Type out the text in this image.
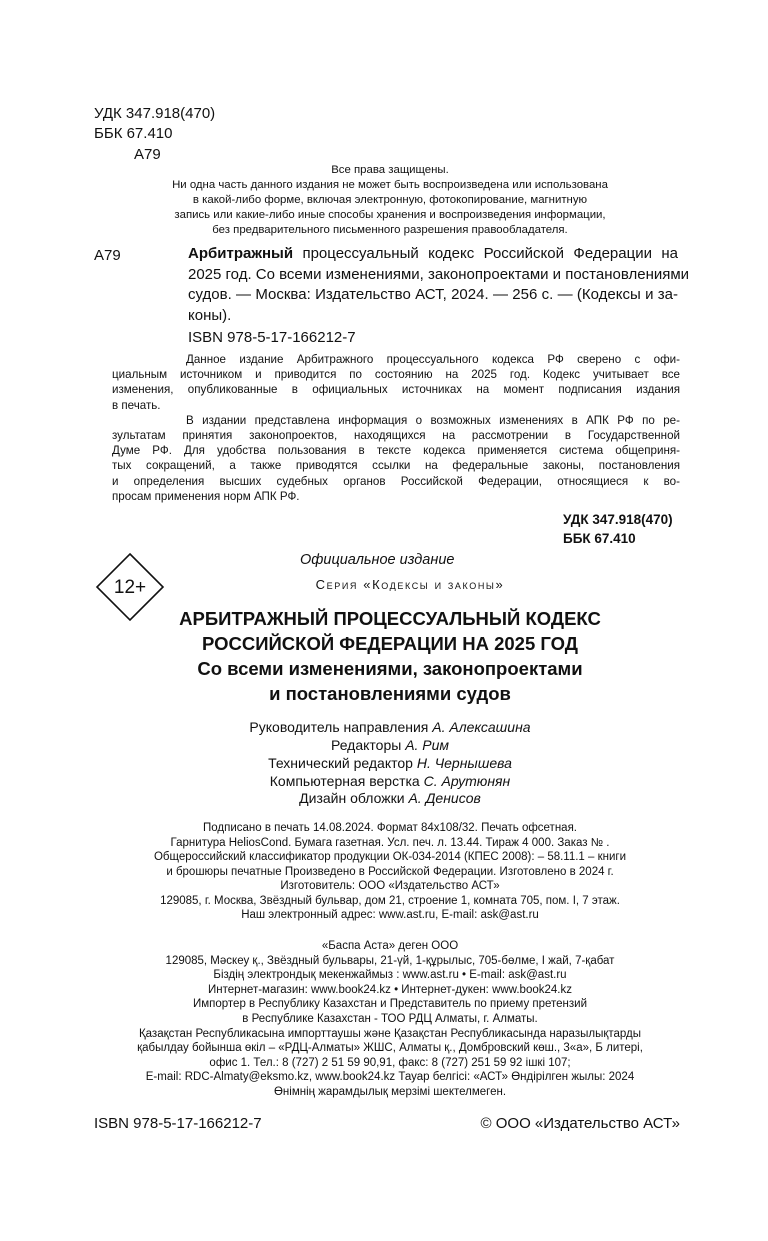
УДК 347.918(470)
ББК 67.410
А79
Все права защищены.
Ни одна часть данного издания не может быть воспроизведена или использована
в какой-либо форме, включая электронную, фотокопирование, магнитную
запись или какие-либо иные способы хранения и воспроизведения информации,
без предварительного письменного разрешения правообладателя.
А79	Арбитражный процессуальный кодекс Российской Федерации на
2025 год. Со всеми изменениями, законопроектами и постановлениями
судов. — Москва: Издательство АСТ, 2024. — 256 с. — (Кодексы и за-
коны).
ISBN 978-5-17-166212-7
Данное издание Арбитражного процессуального кодекса РФ сверено с офи-
циальным источником и приводится по состоянию на 2025 год. Кодекс учитывает все
изменения, опубликованные в официальных источниках на момент подписания издания
в печать.
В издании представлена информация о возможных изменениях в АПК РФ по ре-
зультатам принятия законопроектов, находящихся на рассмотрении в Государственной
Думе РФ. Для удобства пользования в тексте кодекса применяется система общеприня-
тых сокращений, а также приводятся ссылки на федеральные законы, постановления
и определения высших судебных органов Российской Федерации, относящиеся к во-
просам применения норм АПК РФ.
УДК 347.918(470)
ББК 67.410
12+
Официальное издание
Серия «Кодексы и законы»
АРБИТРАЖНЫЙ ПРОЦЕССУАЛЬНЫЙ КОДЕКС
РОССИЙСКОЙ ФЕДЕРАЦИИ НА 2025 ГОД
Со всеми изменениями, законопроектами
и постановлениями судов
Руководитель направления А. Алексашина
Редакторы А. Рим
Технический редактор Н. Чернышева
Компьютерная верстка С. Арутюнян
Дизайн обложки А. Денисов
Подписано в печать 14.08.2024. Формат 84х108/32. Печать офсетная.
Гарнитура HeliosCond. Бумага газетная. Усл. печ. л. 13.44. Тираж 4 000. Заказ № .
Общероссийский классификатор продукции ОК-034-2014 (КПЕС 2008): – 58.11.1 – книги
и брошюры печатные Произведено в Российской Федерации. Изготовлено в 2024 г.
Изготовитель: ООО «Издательство АСТ»
129085, г. Москва, Звёздный бульвар, дом 21, строение 1, комната 705, пом. I, 7 этаж.
Наш электронный адрес: www.ast.ru, E-mail: ask@ast.ru
«Баспа Аста» деген ООО
129085, Мәскеу қ., Звёздный бульвары, 21-үй, 1-құрылыс, 705-бөлме, I жай, 7-қабат
Біздің электрондық мекенжаймыз : www.ast.ru • E-mail: ask@ast.ru
Интернет-магазин: www.book24.kz • Интернет-дукен: www.book24.kz
Импортер в Республику Казахстан и Представитель по приему претензий
в Республике Казахстан - ТОО РДЦ Алматы, г. Алматы.
Қазақстан Республикасына импорттаушы және Қазақстан Республикасында наразылықтарды
қабылдау бойынша өкіл – «РДЦ-Алматы» ЖШС, Алматы қ., Домбровский көш., 3«а», Б литері,
офис 1. Тел.: 8 (727) 2 51 59 90,91, факс: 8 (727) 251 59 92 ішкі 107;
E-mail: RDC-Almaty@eksmo.kz, www.book24.kz Тауар белгісі: «АСТ» Өндірілген жылы: 2024
Өнімнің жарамдылық мерзімі шектелмеген.
ISBN 978-5-17-166212-7	© ООО «Издательство АСТ»
